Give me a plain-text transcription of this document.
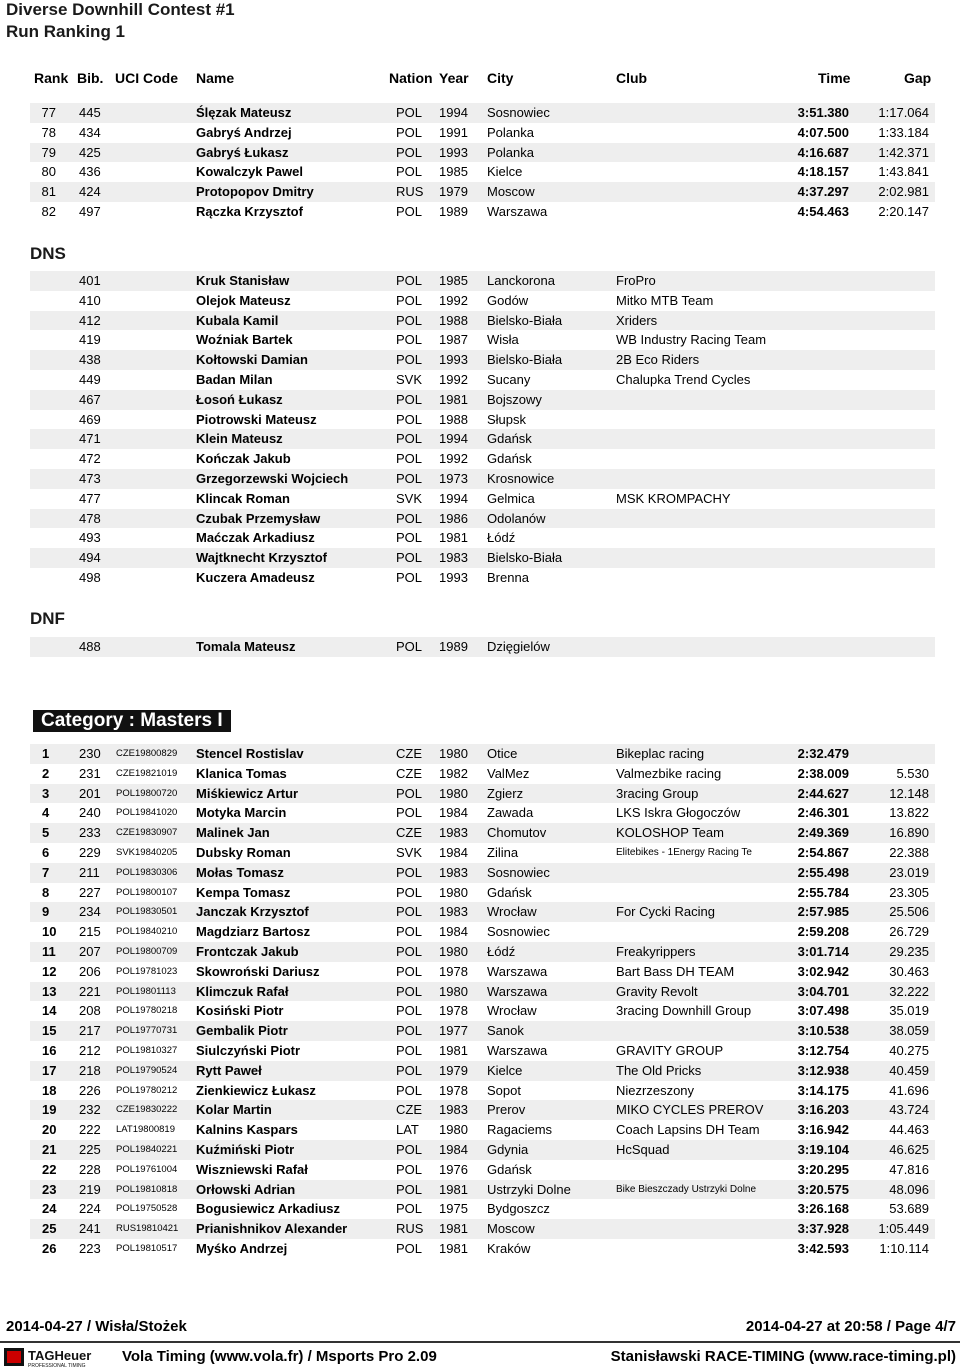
Diverse Downhill Contest #1
Run Ranking 1
Rank Bib. UCI Code Name	Nation Year City	Club	Time	Gap
77 445	Ślęzak Mateusz	POL 1994 Sosnowiec	3:51.380 1:17.064
78 434	Gabryś Andrzej	POL 1991 Polanka	4:07.500 1:33.184
79 425	Gabryś Łukasz	POL 1993 Polanka	4:16.687 1:42.371
80 436	Kowalczyk Pawel	POL 1985 Kielce	4:18.157 1:43.841
81 424	Protopopov Dmitry	RUS 1979 Moscow	4:37.297 2:02.981
82 497	Rączka Krzysztof	POL 1989 Warszawa	4:54.463 2:20.147
DNS
401	Kruk Stanisław	POL 1985 Lanckorona	FroPro
410	Olejok Mateusz	POL 1992 Godów	Mitko MTB Team
412	Kubala Kamil	POL 1988 Bielsko-Biała	Xriders
419	Woźniak Bartek	POL 1987 Wisła	WB Industry Racing Team
438	Kołtowski Damian	POL 1993 Bielsko-Biała	2B Eco Riders
449	Badan Milan	SVK 1992 Sucany	Chalupka Trend Cycles
467	Łosoń Łukasz	POL 1981 Bojszowy
469	Piotrowski Mateusz	POL 1988 Słupsk
471	Klein Mateusz	POL 1994 Gdańsk
472	Kończak Jakub	POL 1992 Gdańsk
473	Grzegorzewski Wojciech	POL 1973 Krosnowice
477	Klincak Roman	SVK 1994 Gelmica	MSK KROMPACHY
478	Czubak Przemysław	POL 1986 Odolanów
493	Maćczak Arkadiusz	POL 1981 Łódź
494	Wajtknecht Krzysztof	POL 1983 Bielsko-Biała
498	Kuczera Amadeusz	POL 1993 Brenna
DNF
488	Tomala Mateusz	POL 1989 Dzięgielów
Category : Masters I
1 230 CZE19800829 Stencel Rostislav	CZE 1980 Otice	Bikeplac racing	2:32.479
2 231 CZE19821019 Klanica Tomas	CZE 1982 ValMez	Valmezbike racing	2:38.009	5.530
3 201 POL19800720 Miśkiewicz Artur	POL 1980 Zgierz	3racing Group	2:44.627	12.148
4 240 POL19841020 Motyka Marcin	POL 1984 Zawada	LKS Iskra Głogoczów	2:46.301	13.822
5 233 CZE19830907 Malinek Jan	CZE 1983 Chomutov	KOLOSHOP Team	2:49.369	16.890
6 229 SVK19840205 Dubsky Roman	SVK 1984 Zilina	Elitebikes - 1Energy Racing Te	2:54.867	22.388
7 211 POL19830306 Mołas Tomasz	POL 1983 Sosnowiec	2:55.498	23.019
8 227 POL19800107 Kempa Tomasz	POL 1980 Gdańsk	2:55.784	23.305
9 234 POL19830501 Janczak Krzysztof	POL 1983 Wrocław	For Cycki Racing	2:57.985	25.506
10 215 POL19840210 Magdziarz Bartosz	POL 1984 Sosnowiec	2:59.208	26.729
11 207 POL19800709 Frontczak Jakub	POL 1980 Łódź	Freakyrippers	3:01.714	29.235
12 206 POL19781023 Skowroński Dariusz	POL 1978 Warszawa	Bart Bass DH TEAM	3:02.942	30.463
13 221 POL19801113 Klimczuk Rafał	POL 1980 Warszawa	Gravity Revolt	3:04.701	32.222
14 208 POL19780218 Kosiński Piotr	POL 1978 Wrocław	3racing Downhill Group	3:07.498	35.019
15 217 POL19770731 Gembalik Piotr	POL 1977 Sanok	3:10.538	38.059
16 212 POL19810327 Siulczyński Piotr	POL 1981 Warszawa	GRAVITY GROUP	3:12.754	40.275
17 218 POL19790524 Rytt Paweł	POL 1979 Kielce	The Old Pricks	3:12.938	40.459
18 226 POL19780212 Zienkiewicz Łukasz	POL 1978 Sopot	Niezrzeszony	3:14.175	41.696
19 232 CZE19830222 Kolar Martin	CZE 1983 Prerov	MIKO CYCLES PREROV	3:16.203	43.724
20 222 LAT19800819 Kalnins Kaspars	LAT 1980 Ragaciems	Coach Lapsins DH Team	3:16.942	44.463
21 225 POL19840221 Kuźmiński Piotr	POL 1984 Gdynia	HcSquad	3:19.104	46.625
22 228 POL19761004 Wiszniewski Rafał	POL 1976 Gdańsk	3:20.295	47.816
23 219 POL19810818 Orłowski Adrian	POL 1981 Ustrzyki Dolne	Bike Bieszczady Ustrzyki Dolne	3:20.575	48.096
24 224 POL19750528 Bogusiewicz Arkadiusz	POL 1975 Bydgoszcz	3:26.168	53.689
25 241 RUS19810421 Prianishnikov Alexander	RUS 1981 Moscow	3:37.928 1:05.449
26 223 POL19810517 Myśko Andrzej	POL 1981 Kraków	3:42.593 1:10.114
2014-04-27 / Wisła/Stożek	2014-04-27 at 20:58 / Page 4/7
TAGHeuer
PROFESSIONAL TIMING
Vola Timing (www.vola.fr) / Msports Pro 2.09	Stanisławski RACE-TIMING (www.race-timing.pl)
